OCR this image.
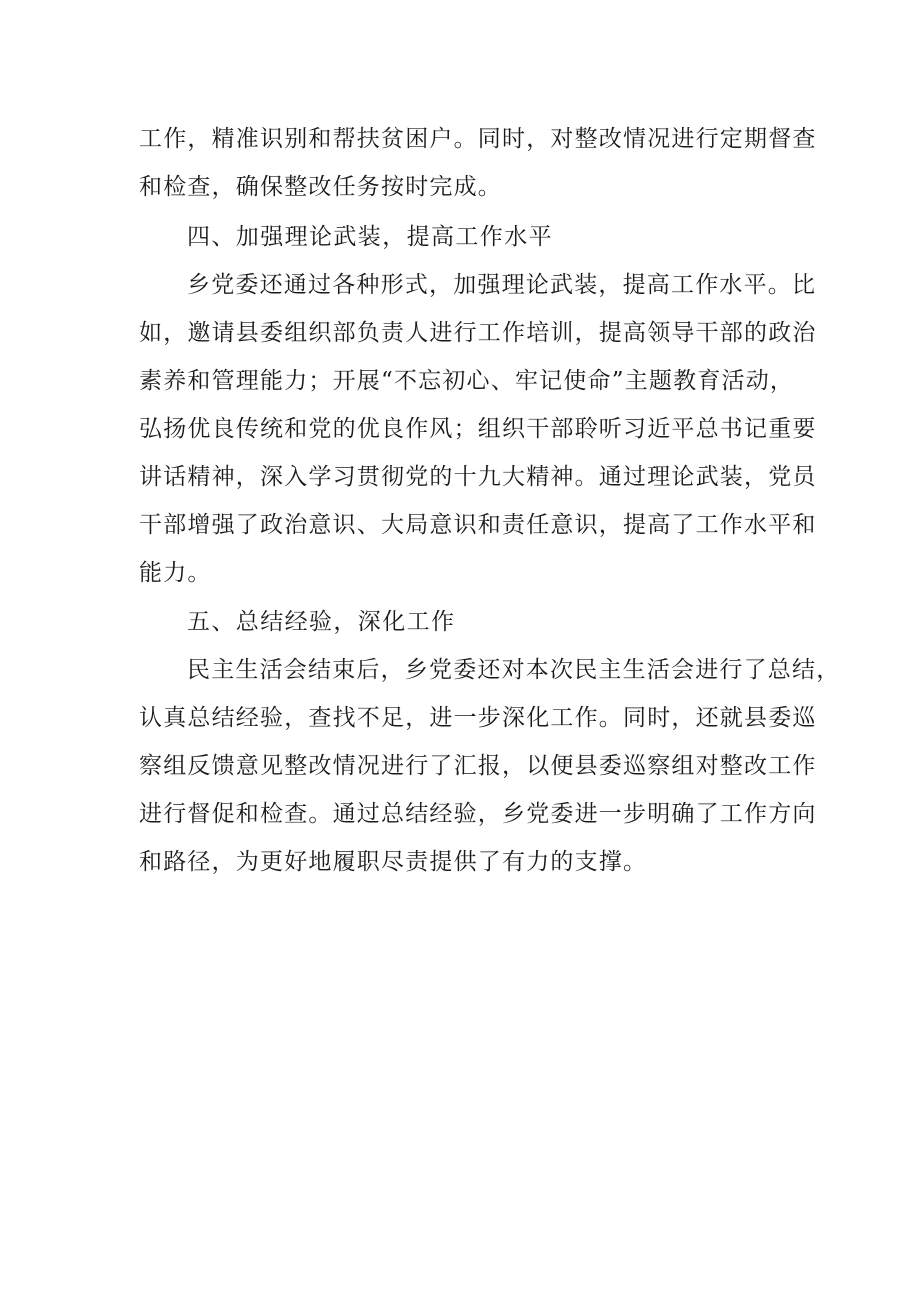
工作，精准识别和帮扶贫困户。同时，对整改情况进行定期督查
和检查，确保整改任务按时完成。
四、加强理论武装，提高工作水平
乡党委还通过各种形式，加强理论武装，提高工作水平。比
如，邀请县委组织部负责人进行工作培训，提高领导干部的政治
素养和管理能力；开展“不忘初心、牢记使命”主题教育活动，
弘扬优良传统和党的优良作风；组织干部聆听习近平总书记重要
讲话精神，深入学习贯彻党的十九大精神。通过理论武装，党员
干部增强了政治意识、大局意识和责任意识，提高了工作水平和
能力。
五、总结经验，深化工作
民主生活会结束后，乡党委还对本次民主生活会进行了总结，
认真总结经验，查找不足，进一步深化工作。同时，还就县委巡
察组反馈意见整改情况进行了汇报，以便县委巡察组对整改工作
进行督促和检查。通过总结经验，乡党委进一步明确了工作方向
和路径，为更好地履职尽责提供了有力的支撑。
